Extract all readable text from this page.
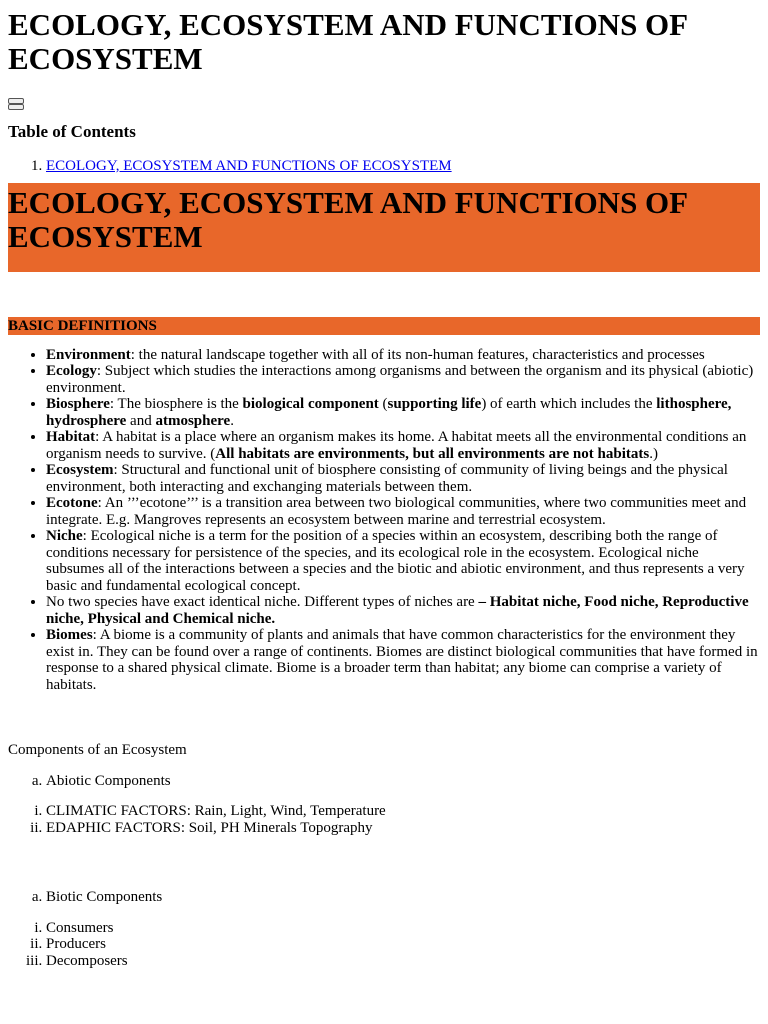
ECOLOGY, ECOSYSTEM AND FUNCTIONS OF ECOSYSTEM
Table of Contents
1. ECOLOGY, ECOSYSTEM AND FUNCTIONS OF ECOSYSTEM
ECOLOGY, ECOSYSTEM AND FUNCTIONS OF ECOSYSTEM
BASIC DEFINITIONS
• Environment: the natural landscape together with all of its non-human features, characteristics and processes
• Ecology: Subject which studies the interactions among organisms and between the organism and its physical (abiotic) environment.
• Biosphere: The biosphere is the biological component (supporting life) of earth which includes the lithosphere, hydrosphere and atmosphere.
• Habitat: A habitat is a place where an organism makes its home. A habitat meets all the environmental conditions an organism needs to survive. (All habitats are environments, but all environments are not habitats.)
• Ecosystem: Structural and functional unit of biosphere consisting of community of living beings and the physical environment, both interacting and exchanging materials between them.
• Ecotone: An ’’’ecotone’’’ is a transition area between two biological communities, where two communities meet and integrate. E.g. Mangroves represents an ecosystem between marine and terrestrial ecosystem.
• Niche: Ecological niche is a term for the position of a species within an ecosystem, describing both the range of conditions necessary for persistence of the species, and its ecological role in the ecosystem. Ecological niche subsumes all of the interactions between a species and the biotic and abiotic environment, and thus represents a very basic and fundamental ecological concept.
• No two species have exact identical niche. Different types of niches are – Habitat niche, Food niche, Reproductive niche, Physical and Chemical niche.
• Biomes: A biome is a community of plants and animals that have common characteristics for the environment they exist in. They can be found over a range of continents. Biomes are distinct biological communities that have formed in response to a shared physical climate. Biome is a broader term than habitat; any biome can comprise a variety of habitats.
Components of an Ecosystem
a. Abiotic Components
i. CLIMATIC FACTORS: Rain, Light, Wind, Temperature
ii. EDAPHIC FACTORS: Soil, PH Minerals Topography
a. Biotic Components
i. Consumers
ii. Producers
iii. Decomposers
